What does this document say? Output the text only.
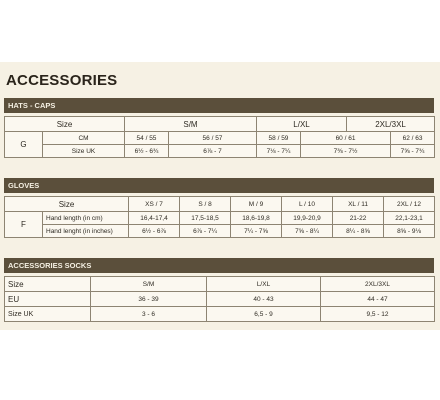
ACCESSORIES
HATS - CAPS
Size		S/M		L/XL		2XL/3XL	
G	CM	54 / 55	56 / 57	58 / 59	60 / 61		62 / 63
	Size UK	6½ - 6¾	6⅞ - 7	7⅛ - 7¼	7⅜ - 7½		7⅝ - 7¾
GLOVES
Size		XS / 7	S / 8	M / 9	L / 10	XL / 11	2XL / 12
F	Hand length (in cm)	16,4-17,4	17,5-18,5	18,6-19,8	19,9-20,9	21-22	22,1-23,1
	Hand lenght (in inches)	6½ - 6⅞	6⅞ - 7¼	7¼ - 7⅝	7⅝ - 8¼	8¼ - 8⅝	8⅝ - 9⅛
ACCESSORIES SOCKS
Size	S/M	L/XL	2XL/3XL
EU	36 - 39	40 - 43	44 - 47
Size UK	3 - 6	6,5 - 9	9,5 - 12
